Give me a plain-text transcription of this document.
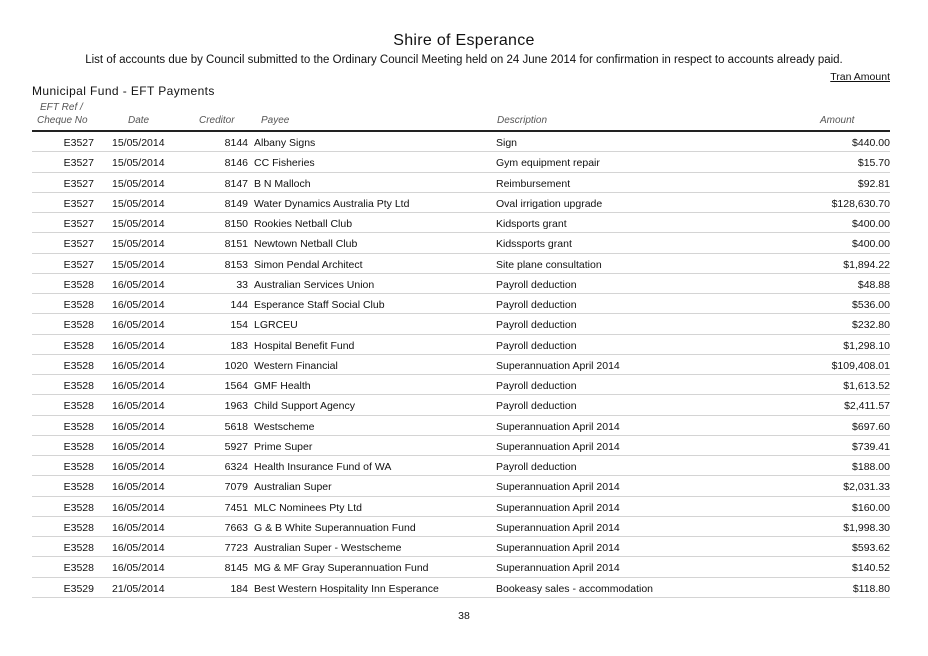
Shire of Esperance
List of accounts due by Council submitted to the Ordinary Council Meeting held on 24 June 2014 for confirmation in respect to accounts already paid.
Tran Amount
Municipal Fund - EFT Payments
EFT Ref /
Cheque No	Date	Creditor	Payee	Description	Amount
E3527 15/05/2014	8144 Albany Signs	Sign	$440.00
E3527 15/05/2014	8146 CC Fisheries	Gym equipment repair	$15.70
E3527 15/05/2014	8147 B N Malloch	Reimbursement	$92.81
E3527 15/05/2014	8149 Water Dynamics Australia Pty Ltd	Oval irrigation upgrade	$128,630.70
E3527 15/05/2014	8150 Rookies Netball Club	Kidsports grant	$400.00
E3527 15/05/2014	8151 Newtown Netball Club	Kidssports grant	$400.00
E3527 15/05/2014	8153 Simon Pendal Architect	Site plane consultation	$1,894.22
E3528 16/05/2014	33 Australian Services Union	Payroll deduction	$48.88
E3528 16/05/2014	144 Esperance Staff Social Club	Payroll deduction	$536.00
E3528 16/05/2014	154 LGRCEU	Payroll deduction	$232.80
E3528 16/05/2014	183 Hospital Benefit Fund	Payroll deduction	$1,298.10
E3528 16/05/2014	1020 Western Financial	Superannuation April 2014	$109,408.01
E3528 16/05/2014	1564 GMF Health	Payroll deduction	$1,613.52
E3528 16/05/2014	1963 Child Support Agency	Payroll deduction	$2,411.57
E3528 16/05/2014	5618 Westscheme	Superannuation April 2014	$697.60
E3528 16/05/2014	5927 Prime Super	Superannuation April 2014	$739.41
E3528 16/05/2014	6324 Health Insurance Fund of WA	Payroll deduction	$188.00
E3528 16/05/2014	7079 Australian Super	Superannuation April 2014	$2,031.33
E3528 16/05/2014	7451 MLC Nominees Pty Ltd	Superannuation April 2014	$160.00
E3528 16/05/2014	7663 G & B White Superannuation Fund	Superannuation April 2014	$1,998.30
E3528 16/05/2014	7723 Australian Super - Westscheme	Superannuation April 2014	$593.62
E3528 16/05/2014	8145 MG & MF Gray Superannuation Fund	Superannuation April 2014	$140.52
E3529 21/05/2014	184 Best Western Hospitality Inn Esperance	Bookeasy sales - accommodation	$118.80
38
